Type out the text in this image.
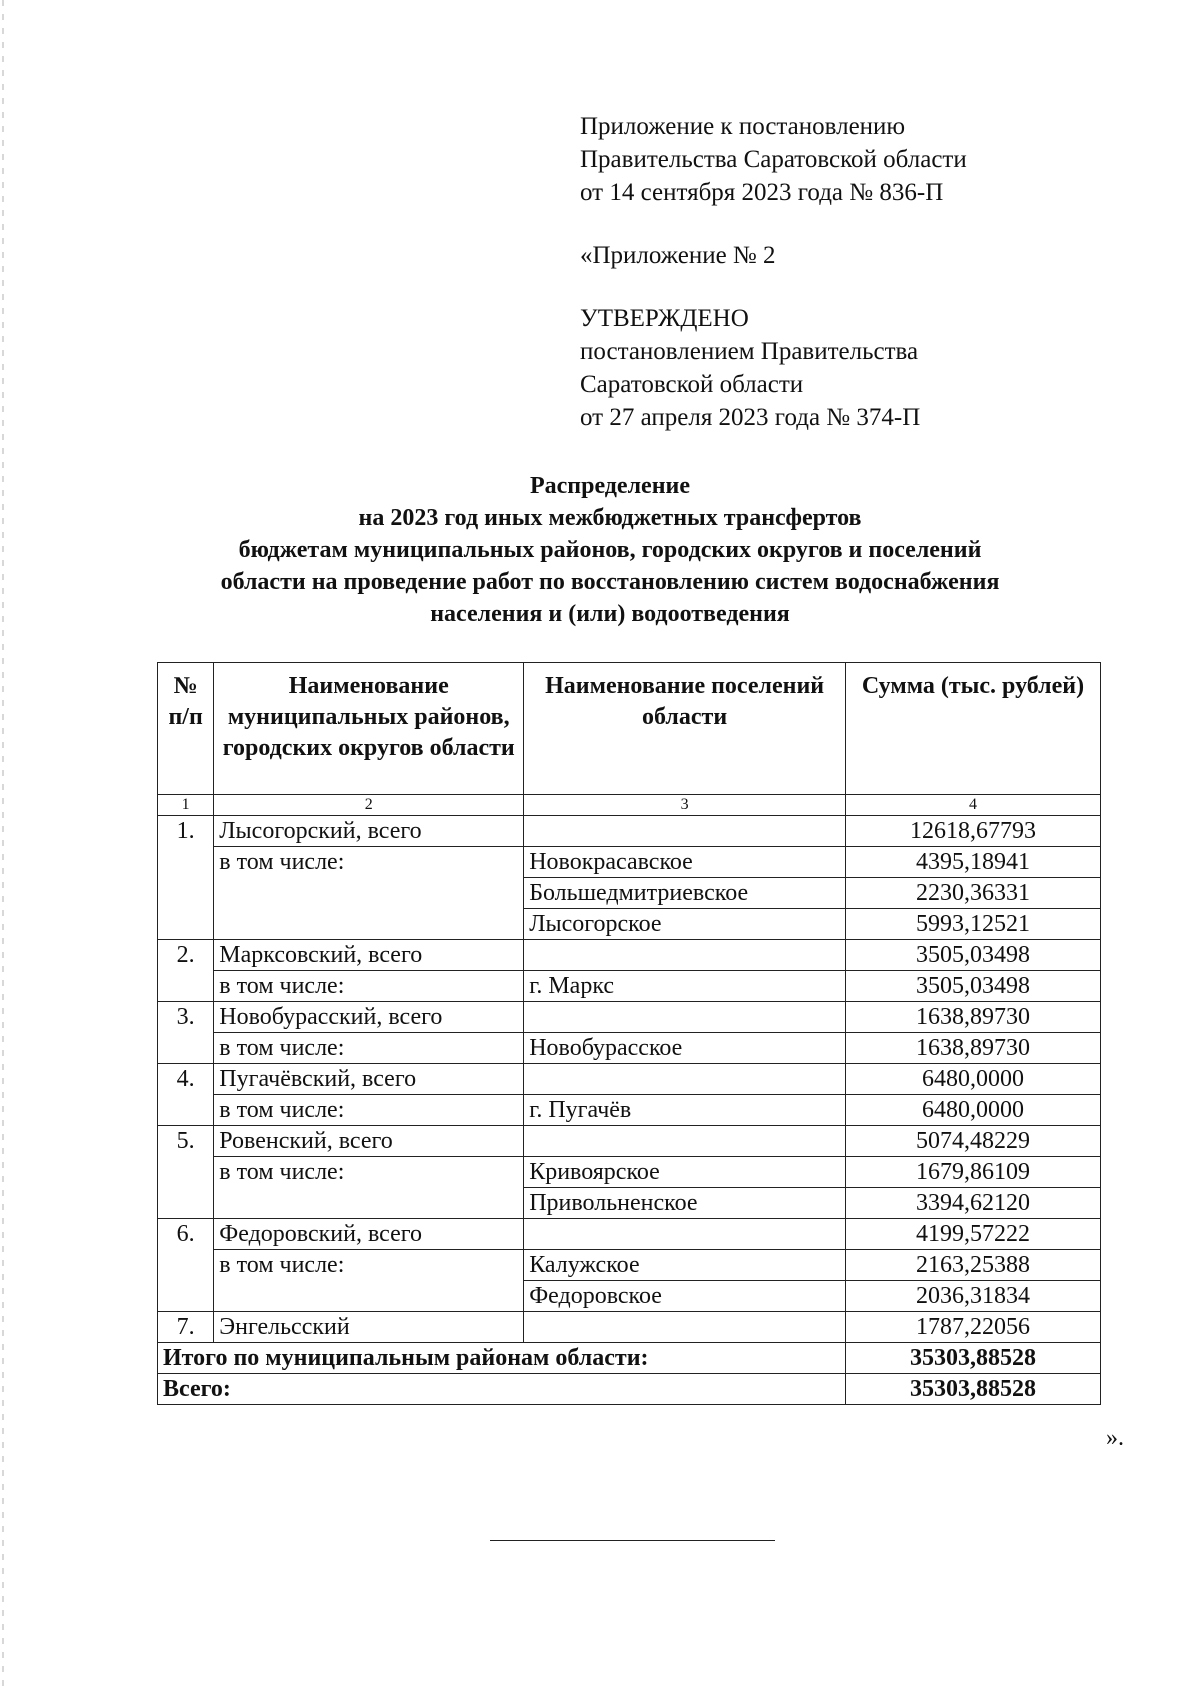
Приложение к постановлению
Правительства Саратовской области
от 14 сентября 2023 года № 836-П
«Приложение № 2
УТВЕРЖДЕНО
постановлением Правительства
Саратовской области
от 27 апреля 2023 года № 374-П
Распределение
на 2023 год иных межбюджетных трансфертов
бюджетам муниципальных районов, городских округов и поселений
области на проведение работ по восстановлению систем водоснабжения
населения и (или) водоотведения
№ п/п	Наименование муниципальных районов, городских округов области	Наименование поселений области	Сумма (тыс. рублей)
1	2	3	4
1.	Лысогорский, всего		12618,67793
	в том числе:	Новокрасавское	4395,18941
		Большедмитриевское	2230,36331
		Лысогорское	5993,12521
2.	Марксовский, всего		3505,03498
	в том числе:	г. Маркс	3505,03498
3.	Новобурасский, всего		1638,89730
	в том числе:	Новобурасское	1638,89730
4.	Пугачёвский, всего		6480,0000
	в том числе:	г. Пугачёв	6480,0000
5.	Ровенский, всего		5074,48229
	в том числе:	Кривоярское	1679,86109
		Привольненское	3394,62120
6.	Федоровский, всего		4199,57222
	в том числе:	Калужское	2163,25388
		Федоровское	2036,31834
7.	Энгельсский		1787,22056
Итого по муниципальным районам области:			35303,88528
Всего:			35303,88528
».
